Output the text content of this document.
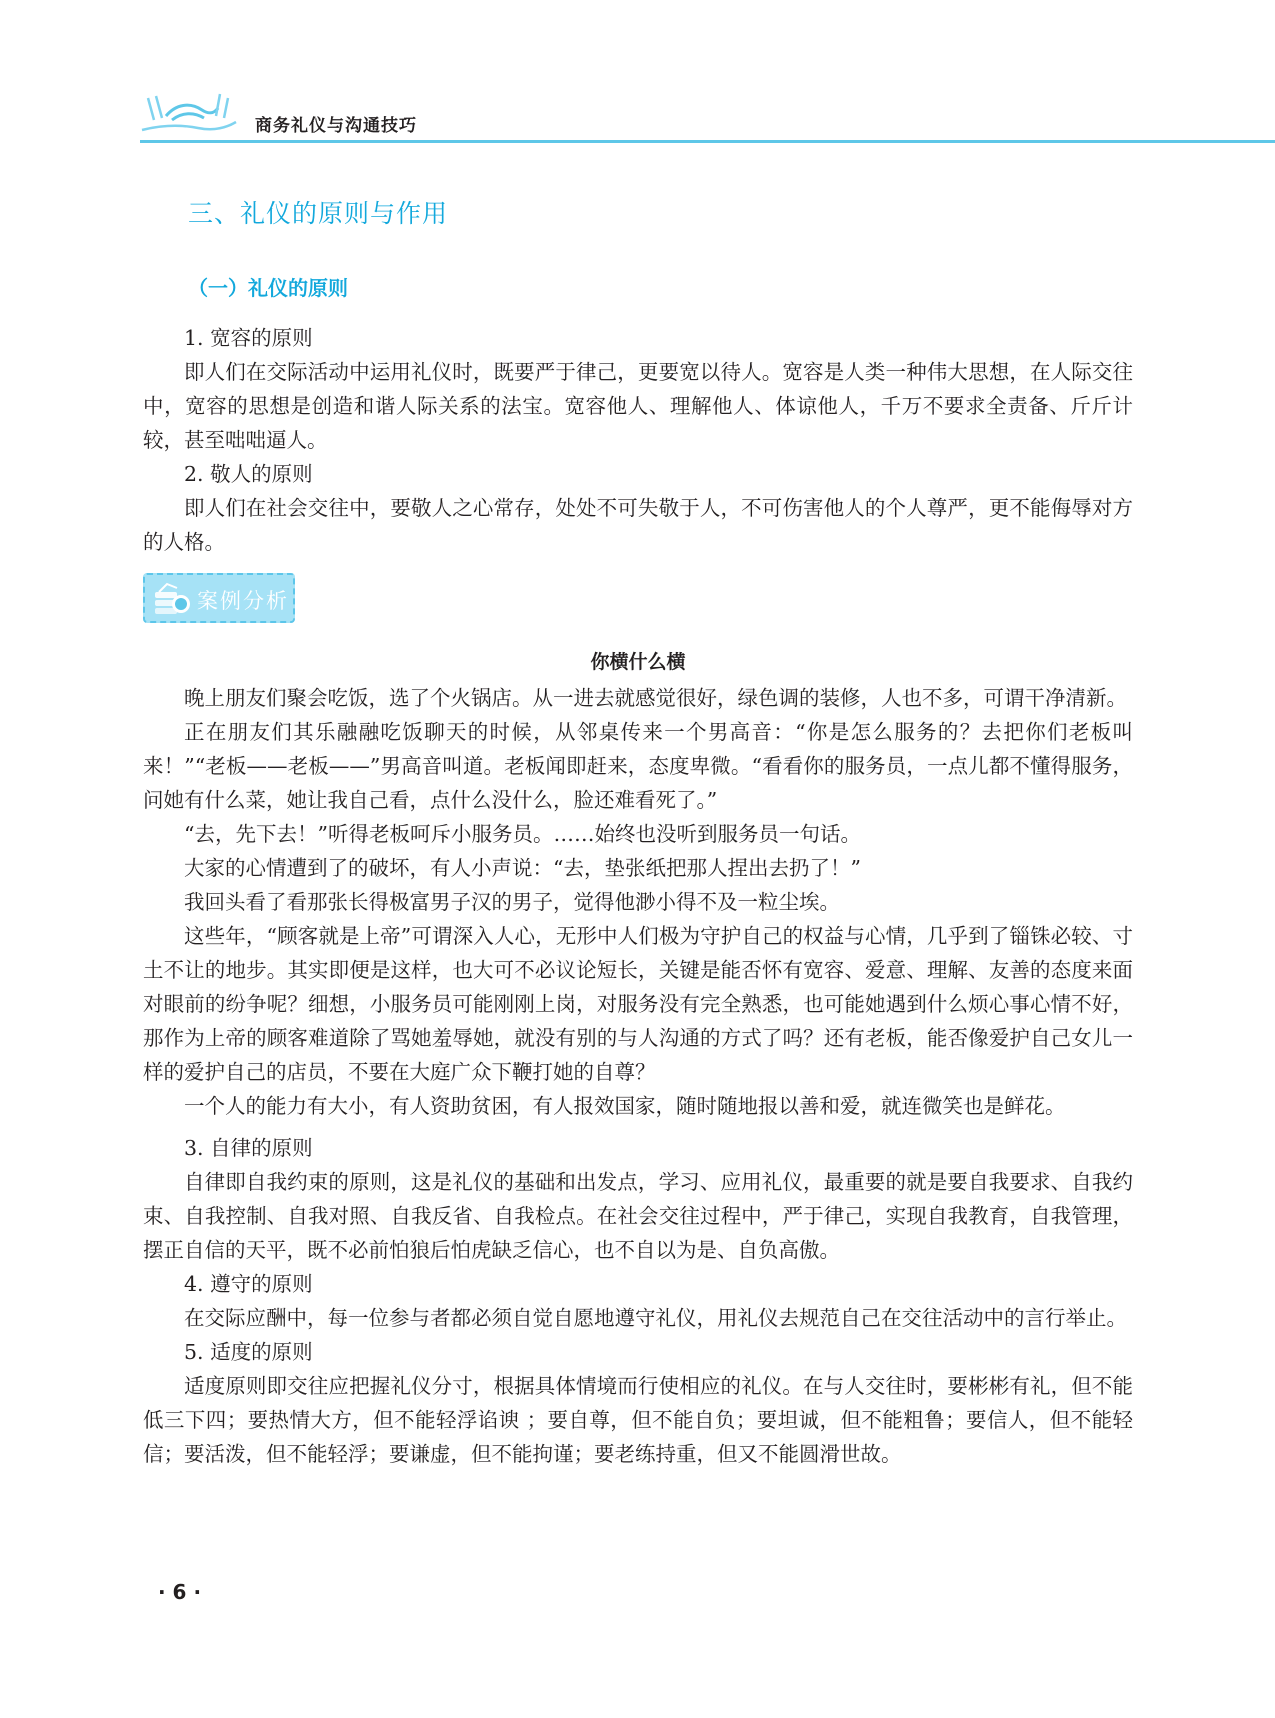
商务礼仪与沟通技巧
三、礼仪的原则与作用
（一）礼仪的原则

1. 宽容的原则

即人们在交际活动中运用礼仪时，既要严于律己，更要宽以待人。宽容是人类一种伟大思想，在人际交往中，宽容的思想是创造和谐人际关系的法宝。宽容他人、理解他人、体谅他人，千万不要求全责备、斤斤计较，甚至咄咄逼人。

2. 敬人的原则

即人们在社会交往中，要敬人之心常存，处处不可失敬于人，不可伤害他人的个人尊严，更不能侮辱对方的人格。

案例分析
你横什么横

晚上朋友们聚会吃饭，选了个火锅店。从一进去就感觉很好，绿色调的装修，人也不多，可谓干净清新。

正在朋友们其乐融融吃饭聊天的时候，从邻桌传来一个男高音：“你是怎么服务的？去把你们老板叫来！”“老板——老板——”男高音叫道。老板闻即赶来，态度卑微。“看看你的服务员，一点儿都不懂得服务，问她有什么菜，她让我自己看，点什么没什么，脸还难看死了。”

“去，先下去！”听得老板呵斥小服务员。……始终也没听到服务员一句话。

大家的心情遭到了的破坏，有人小声说：“去，垫张纸把那人捏出去扔了！”

我回头看了看那张长得极富男子汉的男子，觉得他渺小得不及一粒尘埃。

这些年，“顾客就是上帝”可谓深入人心，无形中人们极为守护自己的权益与心情，几乎到了锱铢必较、寸土不让的地步。其实即便是这样，也大可不必议论短长，关键是能否怀有宽容、爱意、理解、友善的态度来面对眼前的纷争呢？细想，小服务员可能刚刚上岗，对服务没有完全熟悉，也可能她遇到什么烦心事心情不好，那作为上帝的顾客难道除了骂她羞辱她，就没有别的与人沟通的方式了吗？还有老板，能否像爱护自己女儿一样的爱护自己的店员，不要在大庭广众下鞭打她的自尊？

一个人的能力有大小，有人资助贫困，有人报效国家，随时随地报以善和爱，就连微笑也是鲜花。

3. 自律的原则

自律即自我约束的原则，这是礼仪的基础和出发点，学习、应用礼仪，最重要的就是要自我要求、自我约束、自我控制、自我对照、自我反省、自我检点。在社会交往过程中，严于律己，实现自我教育，自我管理，摆正自信的天平，既不必前怕狼后怕虎缺乏信心，也不自以为是、自负高傲。

4. 遵守的原则

在交际应酬中，每一位参与者都必须自觉自愿地遵守礼仪，用礼仪去规范自己在交往活动中的言行举止。

5. 适度的原则

适度原则即交往应把握礼仪分寸，根据具体情境而行使相应的礼仪。在与人交往时，要彬彬有礼，但不能低三下四；要热情大方，但不能轻浮谄谀 ；要自尊，但不能自负；要坦诚，但不能粗鲁；要信人，但不能轻信；要活泼，但不能轻浮；要谦虚，但不能拘谨；要老练持重，但又不能圆滑世故。

· 6 ·
